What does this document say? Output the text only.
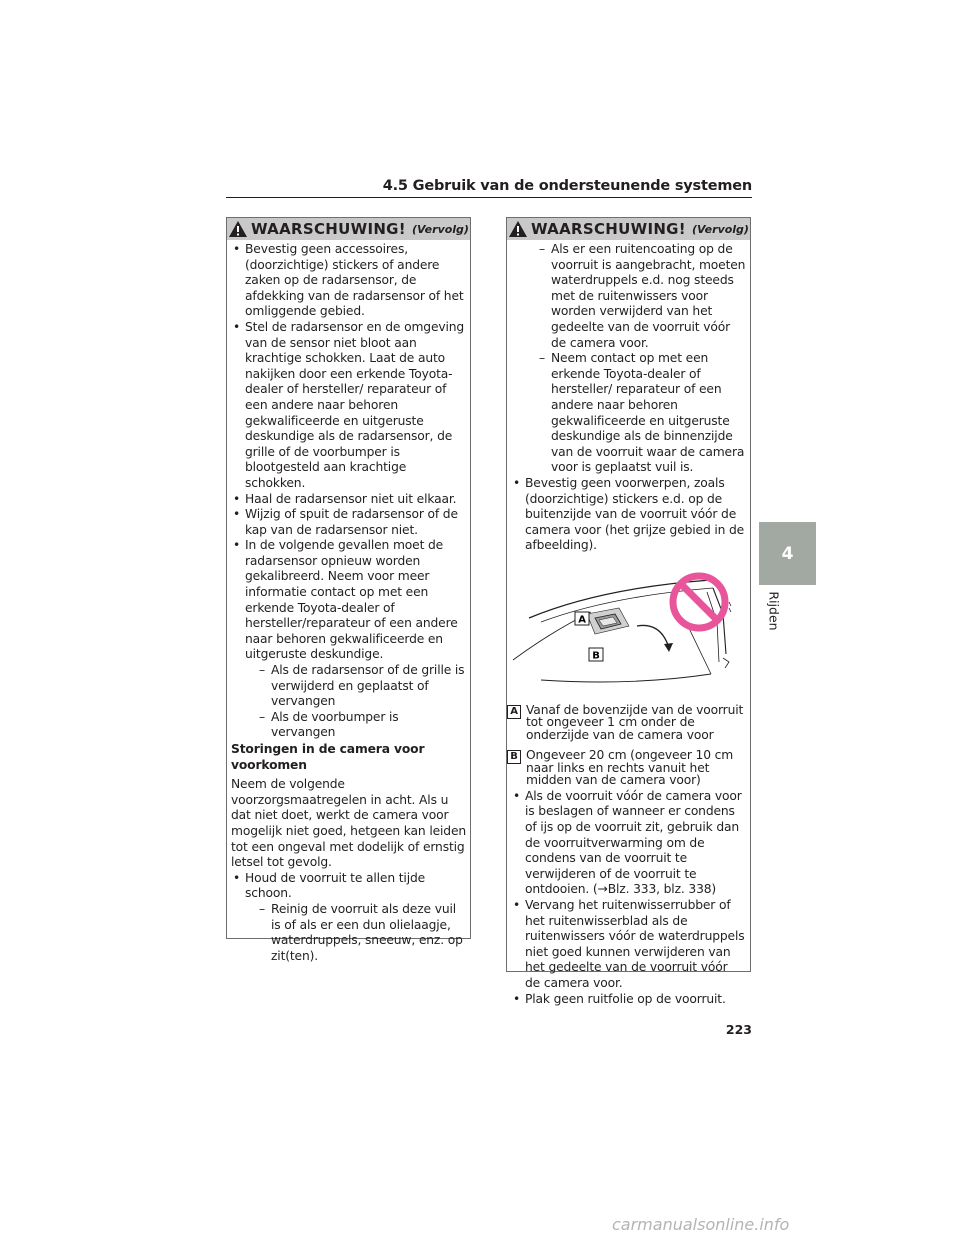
4.5 Gebruik van de ondersteunende systemen
WAARSCHUWING! (Vervolg)
• Bevestig geen accessoires, (doorzichtige) stickers of andere zaken op de radarsensor, de afdekking van de radarsensor of het omliggende gebied.
• Stel de radarsensor en de omgeving van de sensor niet bloot aan krachtige schokken. Laat de auto nakijken door een erkende Toyota-dealer of hersteller/ reparateur of een andere naar behoren gekwalificeerde en uitgeruste deskundige als de radarsensor, de grille of de voorbumper is blootgesteld aan krachtige schokken.
• Haal de radarsensor niet uit elkaar.
• Wijzig of spuit de radarsensor of de kap van de radarsensor niet.
• In de volgende gevallen moet de radarsensor opnieuw worden gekalibreerd. Neem voor meer informatie contact op met een erkende Toyota-dealer of hersteller/reparateur of een andere naar behoren gekwalificeerde en uitgeruste deskundige.
– Als de radarsensor of de grille is verwijderd en geplaatst of vervangen
– Als de voorbumper is vervangen
Storingen in de camera voor voorkomen
Neem de volgende voorzorgsmaatregelen in acht. Als u dat niet doet, werkt de camera voor mogelijk niet goed, hetgeen kan leiden tot een ongeval met dodelijk of ernstig letsel tot gevolg.
• Houd de voorruit te allen tijde schoon.
– Reinig de voorruit als deze vuil is of als er een dun olielaagje, waterdruppels, sneeuw, enz. op zit(ten).
WAARSCHUWING! (Vervolg)
– Als er een ruitencoating op de voorruit is aangebracht, moeten waterdruppels e.d. nog steeds met de ruitenwissers voor worden verwijderd van het gedeelte van de voorruit vóór de camera voor.
– Neem contact op met een erkende Toyota-dealer of hersteller/ reparateur of een andere naar behoren gekwalificeerde en uitgeruste deskundige als de binnenzijde van de voorruit waar de camera voor is geplaatst vuil is.
• Bevestig geen voorwerpen, zoals (doorzichtige) stickers e.d. op de buitenzijde van de voorruit vóór de camera voor (het grijze gebied in de afbeelding).
A
B
A Vanaf de bovenzijde van de voorruit tot ongeveer 1 cm onder de onderzijde van de camera voor
B Ongeveer 20 cm (ongeveer 10 cm naar links en rechts vanuit het midden van de camera voor)
• Als de voorruit vóór de camera voor is beslagen of wanneer er condens of ijs op de voorruit zit, gebruik dan de voorruitverwarming om de condens van de voorruit te verwijderen of de voorruit te ontdooien. (→Blz. 333, blz. 338)
• Vervang het ruitenwisserrubber of het ruitenwisserblad als de ruitenwissers vóór de waterdruppels niet goed kunnen verwijderen van het gedeelte van de voorruit vóór de camera voor.
• Plak geen ruitfolie op de voorruit.
4
Rijden
223
carmanualsonline.info
